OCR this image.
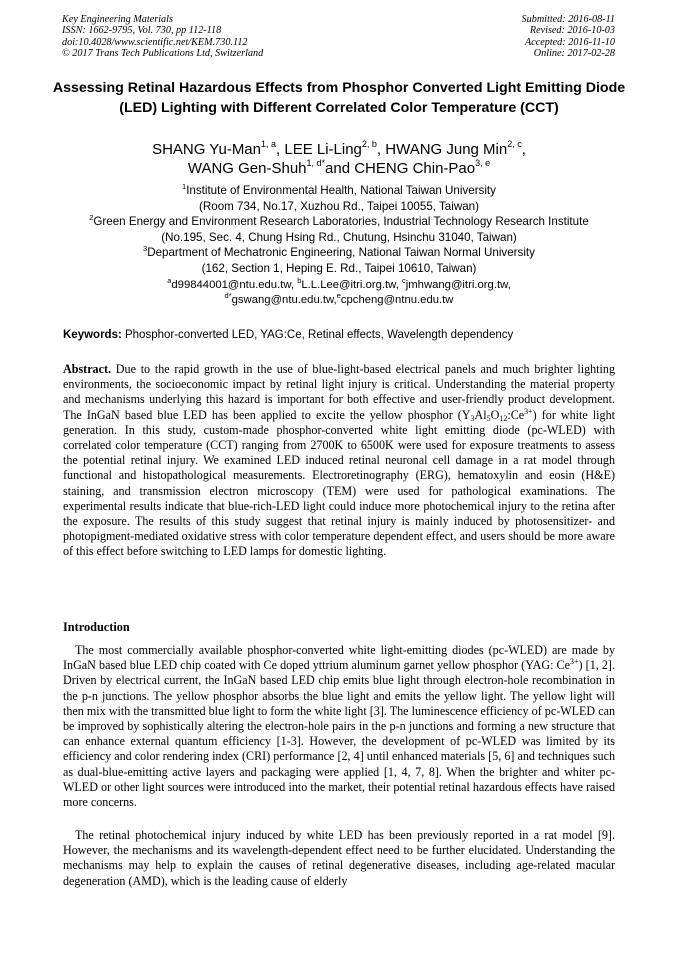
Key Engineering Materials
ISSN: 1662-9795, Vol. 730, pp 112-118
doi:10.4028/www.scientific.net/KEM.730.112
© 2017 Trans Tech Publications Ltd, Switzerland
Submitted: 2016-08-11
Revised: 2016-10-03
Accepted: 2016-11-10
Online: 2017-02-28
Assessing Retinal Hazardous Effects from Phosphor Converted Light Emitting Diode (LED) Lighting with Different Correlated Color Temperature (CCT)
SHANG Yu-Man$^{1, a}$, LEE Li-Ling$^{2, b}$, HWANG Jung Min$^{2, c}$,
WANG Gen-Shuh$^{1, d*}$and CHENG Chin-Pao$^{3, e}$
$^1$Institute of Environmental Health, National Taiwan University
(Room 734, No.17, Xuzhou Rd., Taipei 10055, Taiwan)
$^2$Green Energy and Environment Research Laboratories, Industrial Technology Research Institute
(No.195, Sec. 4, Chung Hsing Rd., Chutung, Hsinchu 31040, Taiwan)
$^3$Department of Mechatronic Engineering, National Taiwan Normal University
(162, Section 1, Heping E. Rd., Taipei 10610, Taiwan)
$^a$d99844001@ntu.edu.tw, $^b$L.L.Lee@itri.org.tw, $^c$jmhwang@itri.org.tw,
$^{d*}$gswang@ntu.edu.tw,$^e$cpcheng@ntnu.edu.tw
Keywords: Phosphor-converted LED, YAG:Ce, Retinal effects, Wavelength dependency
Abstract. Due to the rapid growth in the use of blue-light-based electrical panels and much brighter lighting environments, the socioeconomic impact by retinal light injury is critical. Understanding the material property and mechanisms underlying this hazard is important for both effective and user-friendly product development. The InGaN based blue LED has been applied to excite the yellow phosphor $(Y_3Al_5O_{12}:Ce^{3+})$ for white light generation. In this study, custom-made phosphor-converted white light emitting diode (pc-WLED) with correlated color temperature (CCT) ranging from 2700K to 6500K were used for exposure treatments to assess the potential retinal injury. We examined LED induced retinal neuronal cell damage in a rat model through functional and histopathological measurements. Electroretinography (ERG), hematoxylin and eosin (H&E) staining, and transmission electron microscopy (TEM) were used for pathological examinations. The experimental results indicate that blue-rich-LED light could induce more photochemical injury to the retina after the exposure. The results of this study suggest that retinal injury is mainly induced by photosensitizer- and photopigment-mediated oxidative stress with color temperature dependent effect, and users should be more aware of this effect before switching to LED lamps for domestic lighting.
Introduction
The most commercially available phosphor-converted white light-emitting diodes (pc-WLED) are made by InGaN based blue LED chip coated with Ce doped yttrium aluminum garnet yellow phosphor (YAG: $Ce^{3+}$) [1, 2]. Driven by electrical current, the InGaN based LED chip emits blue light through electron-hole recombination in the p-n junctions. The yellow phosphor absorbs the blue light and emits the yellow light. The yellow light will then mix with the transmitted blue light to form the white light [3]. The luminescence efficiency of pc-WLED can be improved by sophistically altering the electron-hole pairs in the p-n junctions and forming a new structure that can enhance external quantum efficiency [1-3]. However, the development of pc-WLED was limited by its efficiency and color rendering index (CRI) performance [2, 4] until enhanced materials [5, 6] and techniques such as dual-blue-emitting active layers and packaging were applied [1, 4, 7, 8]. When the brighter and whiter pc-WLED or other light sources were introduced into the market, their potential retinal hazardous effects have raised more concerns.
The retinal photochemical injury induced by white LED has been previously reported in a rat model [9]. However, the mechanisms and its wavelength-dependent effect need to be further elucidated. Understanding the mechanisms may help to explain the causes of retinal degenerative diseases, including age-related macular degeneration (AMD), which is the leading cause of elderly
